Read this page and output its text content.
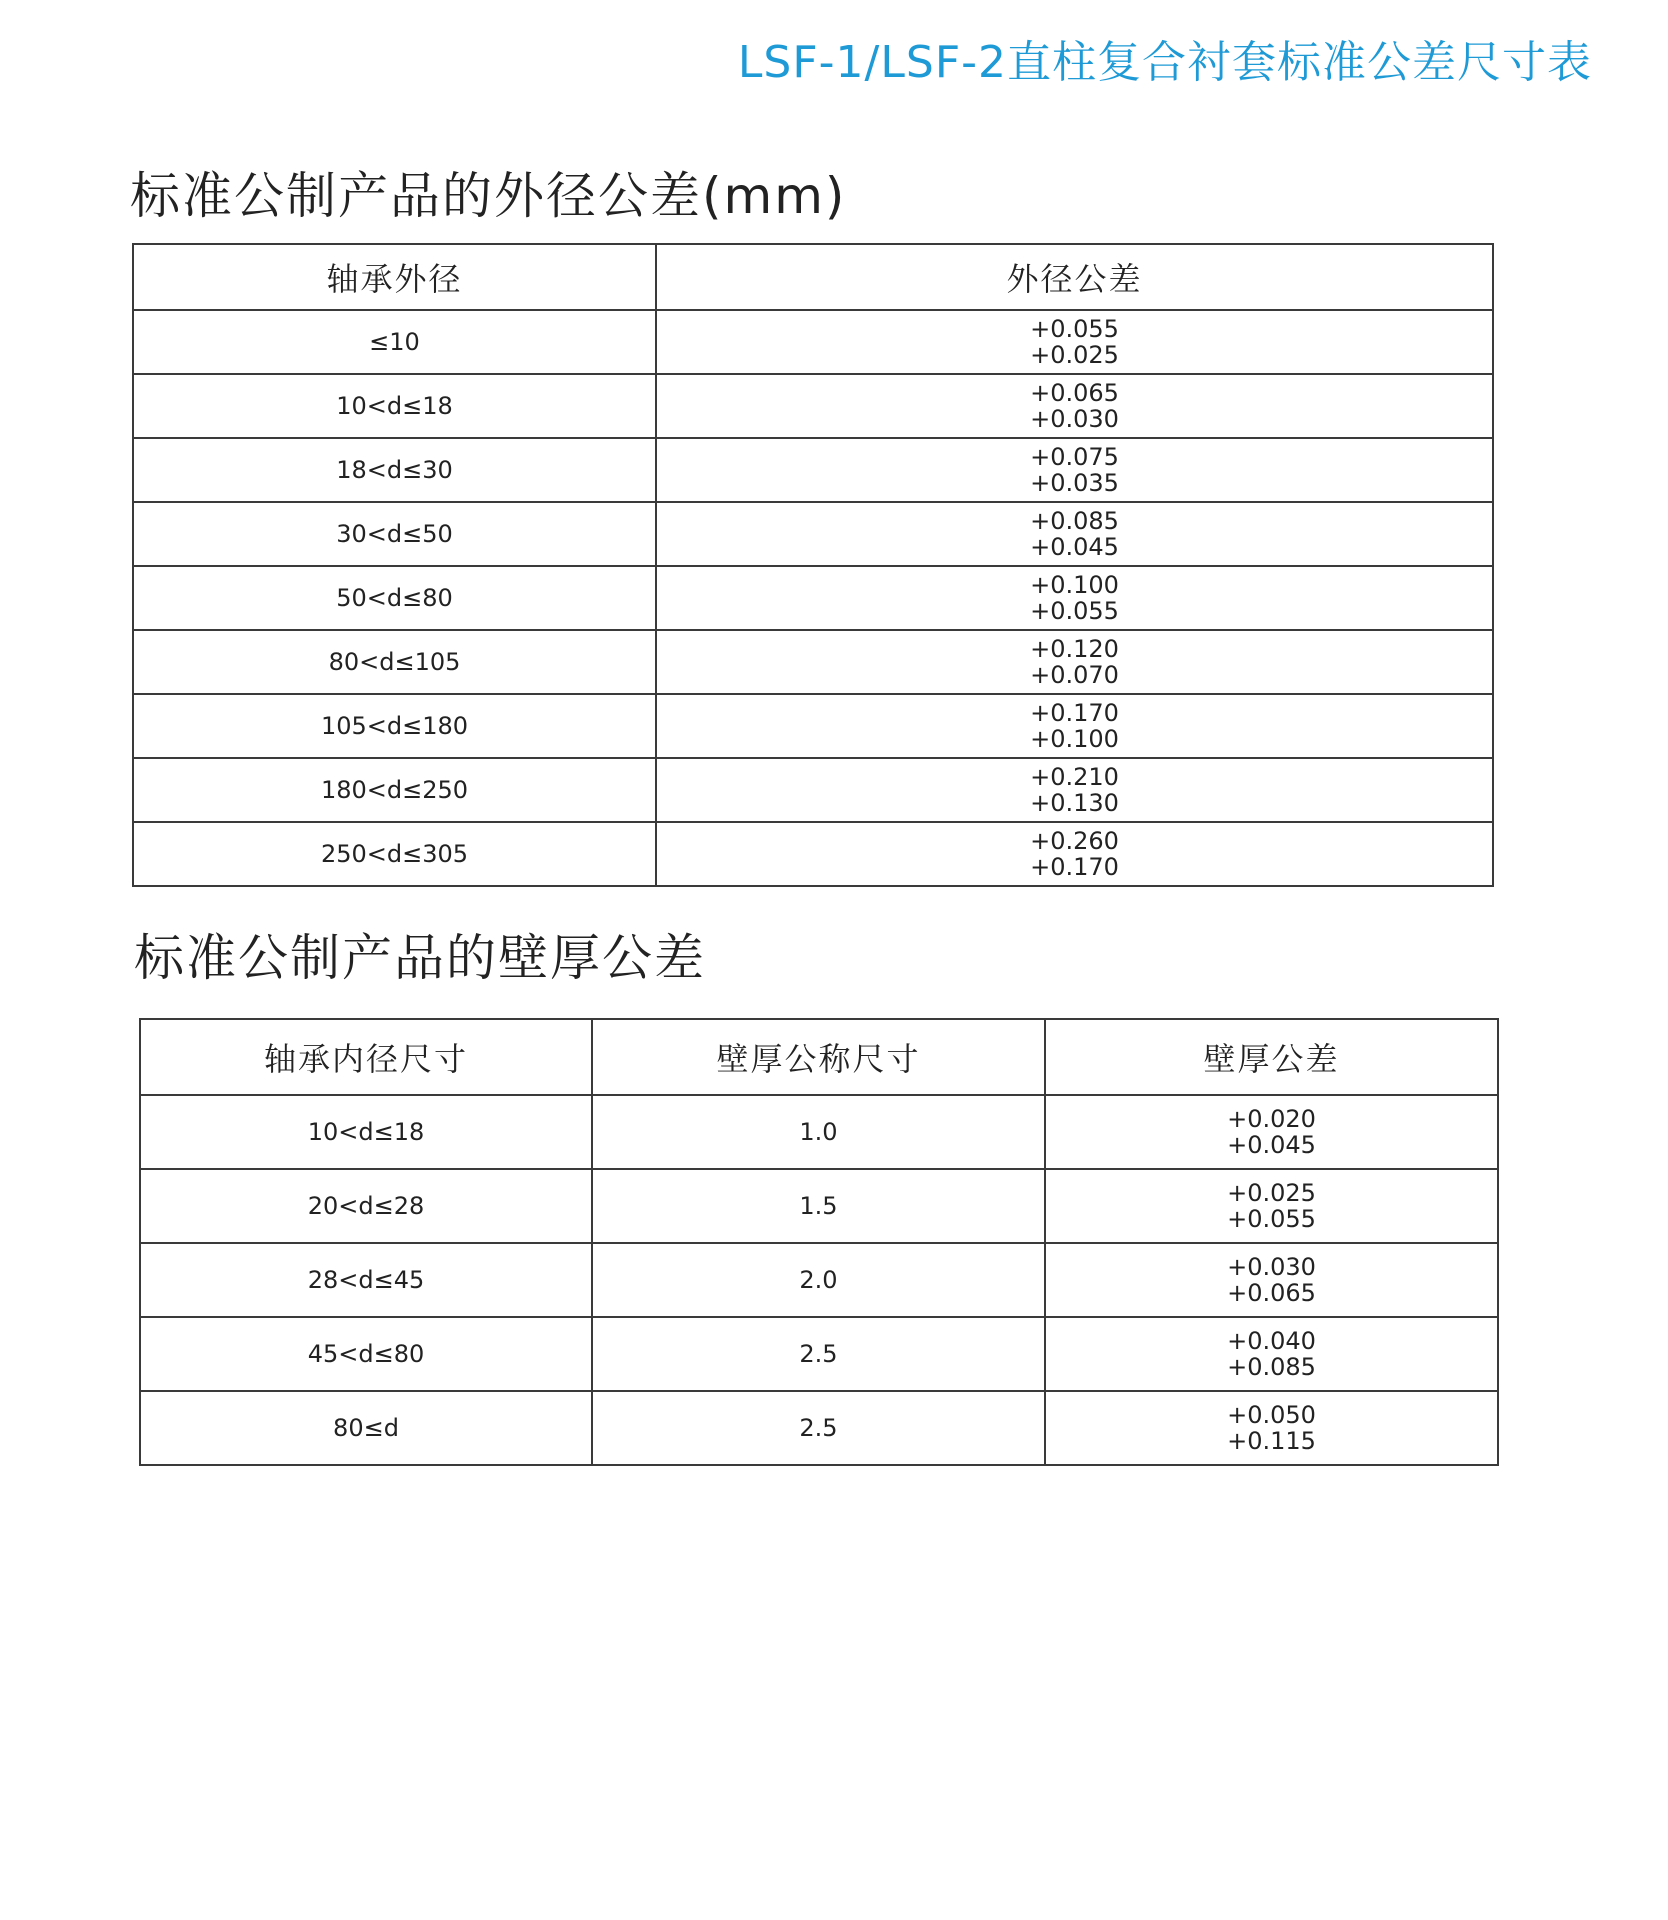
LSF-1/LSF-2直柱复合衬套标准公差尺寸表
标准公制产品的外径公差(mm)
轴承外径	外径公差
≤10	+0.055
+0.025

10<d≤18	+0.065
+0.030

18<d≤30	+0.075
+0.035

30<d≤50	+0.085
+0.045

50<d≤80	+0.100
+0.055

80<d≤105	+0.120
+0.070

105<d≤180	+0.170
+0.100

180<d≤250	+0.210
+0.130

250<d≤305	+0.260
+0.170
标准公制产品的壁厚公差
轴承内径尺寸	壁厚公称尺寸	壁厚公差
10<d≤18	1.0	+0.020
+0.045

20<d≤28	1.5	+0.025
+0.055

28<d≤45	2.0	+0.030
+0.065

45<d≤80	2.5	+0.040
+0.085

80≤d	2.5	+0.050
+0.115
